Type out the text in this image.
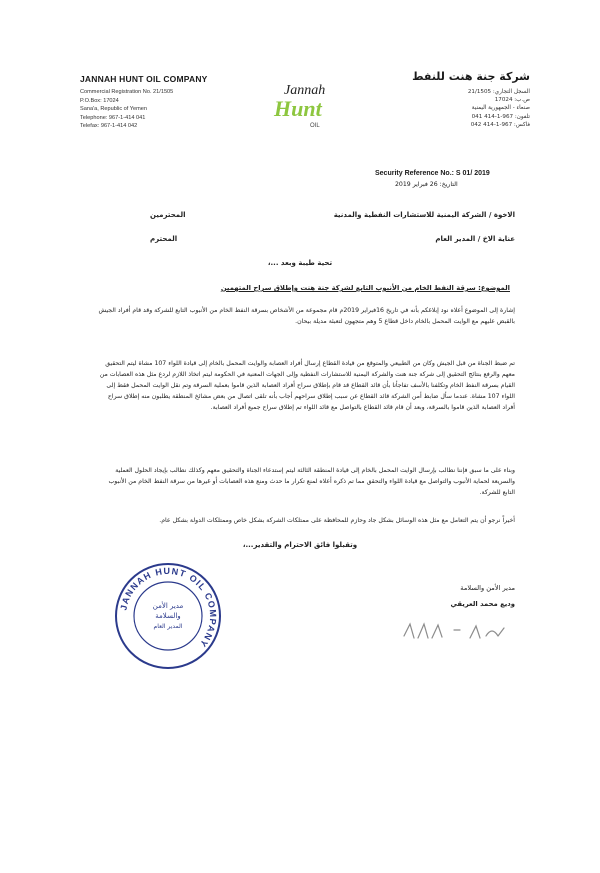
JANNAH HUNT OIL COMPANY
Commercial Registration No. 21/1505
P.O.Box: 17024
Sana'a, Republic of Yemen
Telephone: 967-1-414 041
Telefax: 967-1-414 042
Jannah
Hunt
OIL
شركة جنة هنت للنفط
السجل التجاري: 21/1505
ص.ب: 17024
صنعاء - الجمهورية اليمنية
تلفون: 967-1-414 041
فاكس: 967-1-414 042
Security Reference No.: S 01/ 2019
التاريخ: 26 فبراير 2019
الاخوة / الشركة اليمنية للاستشارات النفطية والمدنية
المحترمين
عناية الاخ / المدير العام
المحترم
تحية طيبة وبعد ...،
الموضوع: سرقة النفط الخام من الأنبوب التابع لشركة جنة هنت وإطلاق سراح المتهمين
إشارة إلى الموضوع أعلاه نود إبلاغكم بأنه في تاريخ 16فبراير 2019م قام مجموعة من الأشخاص بسرقة النفط الخام من الأنبوب التابع للشركة وقد قام أفراد الجيش بالقبض عليهم مع الوايت المحمل بالخام داخل قطاع 5 وهم متجهون لتعبئة مديلة بيحان.
تم ضبط الجناة من قبل الجيش وكان من الطبيعي والمتوقع من قيادة القطاع إرسال أفراد العصابة والوايت المحمل بالخام إلى قيادة اللواء 107 مشاة ليتم التحقيق معهم والرفع بنتائج التحقيق إلى شركة جنة هنت والشركة اليمنية للاستشارات النفطية وإلى الجهات المعنية في الحكومة ليتم اتخاذ اللازم لردع مثل هذه العصابات من القيام بسرقة النفط الخام وتكلفنا بالأسف تفاجأنا بأن قائد القطاع قد قام بإطلاق سراح أفراد العصابة الذين قاموا بعملية السرقة وتم نقل الوايت المحمل فقط إلى اللواء 107 مشاة. عندما سأل ضابط أمن الشركة قائد القطاع عن سبب إطلاق سراحهم أجاب بأنه تلقى اتصال من بعض مشائخ المنطقة يطلبون منه إطلاق سراح أفراد العصابة الذين قاموا بالسرقة، وبعد أن قام قائد القطاع بالتواصل مع قائد اللواء تم إطلاق سراح جميع أفراد العصابة.
وبناء على ما سبق فإننا نطالب بإرسال الوايت المحمل بالخام إلى قيادة المنطقة الثالثة ليتم إستدعاء الجناة والتحقيق معهم وكذلك نطالب بإيجاد الحلول العملية والسريعة لحماية الأنبوب والتواصل مع قيادة اللواء والتحقق مما تم ذكره أعلاه لمنع تكرار ما حدث ومنع هذه العصابات أو غيرها من سرقة النفط الخام من الأنبوب التابع للشركة.
أخيراً نرجو أن يتم التعامل مع مثل هذه الوسائل بشكل جاد وحازم للمحافظة على ممتلكات الشركة بشكل خاص وممتلكات الدولة بشكل عام.
وتقبلوا فائق الاحترام والتقدير...،
مدير الأمن والسلامة
وديع محمد العريقي
JANNAH HUNT OIL COMPANY
مدير الأمن
والسلامة
المدير العام
